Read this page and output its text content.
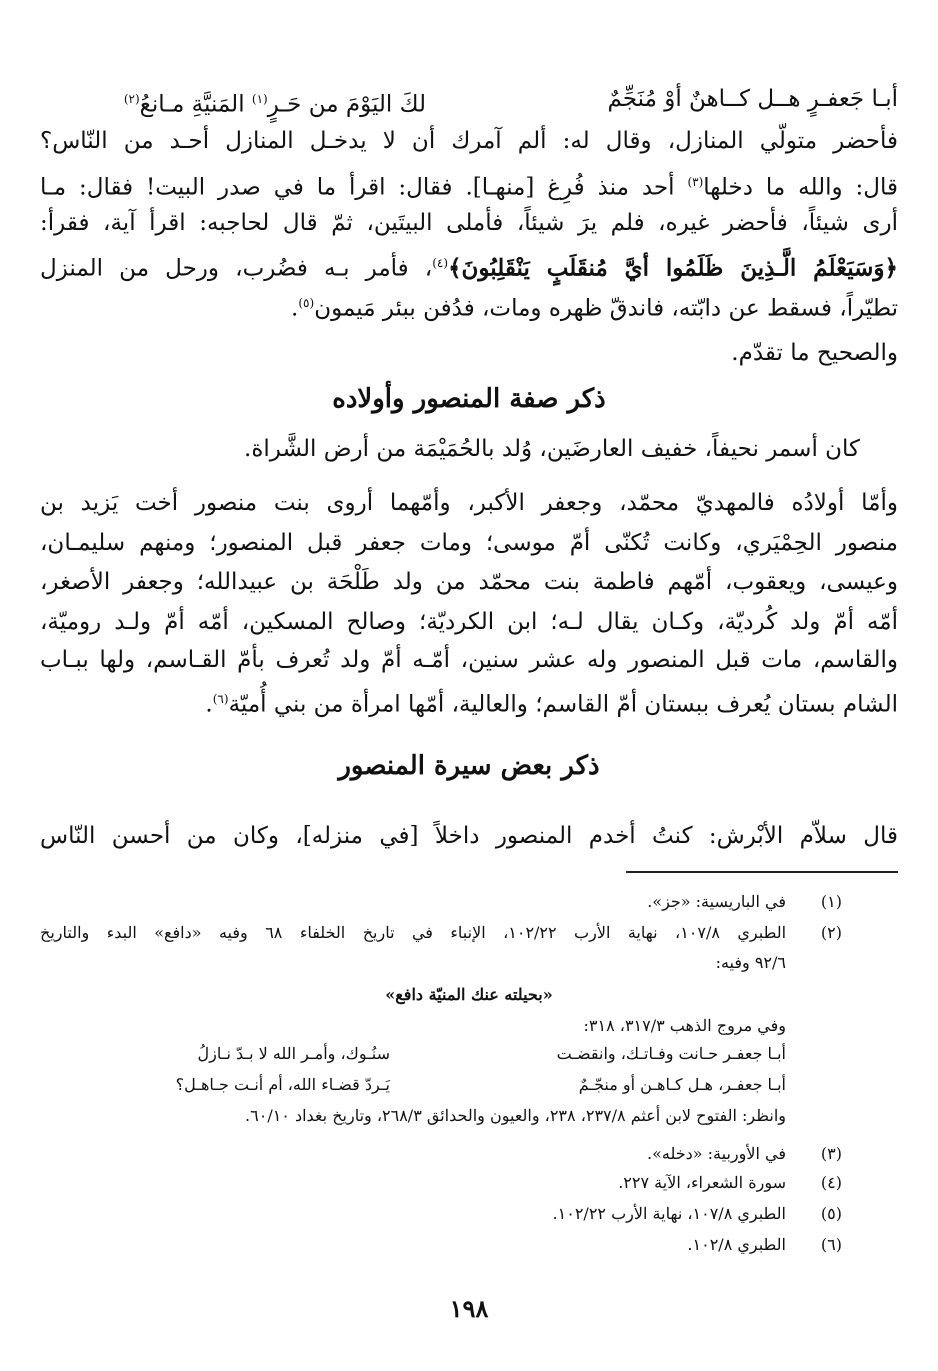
أبـا جَعفـرٍ هــل كــاهنٌ أوْ مُنَجِّمٌ
لكَ اليَوْمَ من حَـرٍ$^{(١)}$ المَنيَّةِ مـانعُ$^{(٢)}$
فأحضر متولّي المنازل، وقال له: ألم آمرك أن لا يدخـل المنازل أحـد من النّاس؟
قال: والله ما دخلها$^{(٣)}$ أحد منذ فُرِغ [منهـا]. فقال: اقرأ ما في صدر البيت! فقال: مـا
أرى شيئاً، فأحضر غيره، فلم يرَ شيئاً، فأملى البيتَين، ثمّ قال لحاجبه: اقرأ آية، فقرأ:
﴿وَسَيَعْلَمُ الَّـذِينَ ظَلَمُوا أيَّ مُنقَلَبٍ يَنْقَلِبُونَ﴾$^{(٤)}$، فأمر بـه فضُرب، ورحل من المنزل
تطيّراً، فسقط عن دابّته، فاندقّ ظهره ومات، فدُفن ببئر مَيمون$^{(٥)}$.
والصحيح ما تقدّم.
ذكر صفة المنصور وأولاده
كان أسمر نحيفاً، خفيف العارضَين، وُلد بالحُمَيْمَة من أرض الشَّراة.
وأمّا أولادُه فالمهديّ محمّد، وجعفر الأكبر، وأمّهما أروى بنت منصور أخت يَزيد بن
منصور الحِمْيَري، وكانت تُكنّى أمّ موسى؛ ومات جعفر قبل المنصور؛ ومنهم سليمـان،
وعيسى، ويعقوب، أمّهم فاطمة بنت محمّد من ولد طَلْحَة بن عبيدالله؛ وجعفر الأصغر،
أمّه أمّ ولد كُرديّة، وكـان يقال لـه؛ ابن الكرديّة؛ وصالح المسكين، أمّه أمّ ولـد روميّة،
والقاسم، مات قبل المنصور وله عشر سنين، أمّـه أمّ ولد تُعرف بأمّ القـاسم، ولها ببـاب
الشام بستان يُعرف ببستان أمّ القاسم؛ والعالية، أمّها امرأة من بني أُميّة$^{(٦)}$.
ذكر بعض سيرة المنصور
قال سلاّم الأبْرش: كنتُ أخدم المنصور داخلاً [في منزله]، وكان من أحسن النّاس
(١)
في الباريسية: «جز».
(٢)
الطبري ١٠٧/٨، نهاية الأرب ١٠٢/٢٢، الإنباء في تاريخ الخلفاء ٦٨ وفيه «دافع» البدء والتاريخ
٩٢/٦ وفيه:
«بحيلته عنك المنيّة دافع»
وفي مروج الذهب ٣١٧/٣، ٣١٨:
أبـا جعفـر حـانت وفـاتـك، وانقضـت
سنُـوك، وأمـر الله لا بـدّ نـازلُ
أبـا جعفـر، هـل كـاهـن أو منجّـمٌ
يَـردّ قضـاء الله، أم أنـت جـاهـل؟
وانظر: الفتوح لابن أعثم ٢٣٧/٨، ٢٣٨، والعيون والحدائق ٢٦٨/٣، وتاريخ بغداد ٦٠/١٠.
(٣)
في الأوربية: «دخله».
(٤)
سورة الشعراء، الآية ٢٢٧.
(٥)
الطبري ١٠٧/٨، نهاية الأرب ١٠٢/٢٢.
(٦)
الطبري ١٠٢/٨.
١٩٨
